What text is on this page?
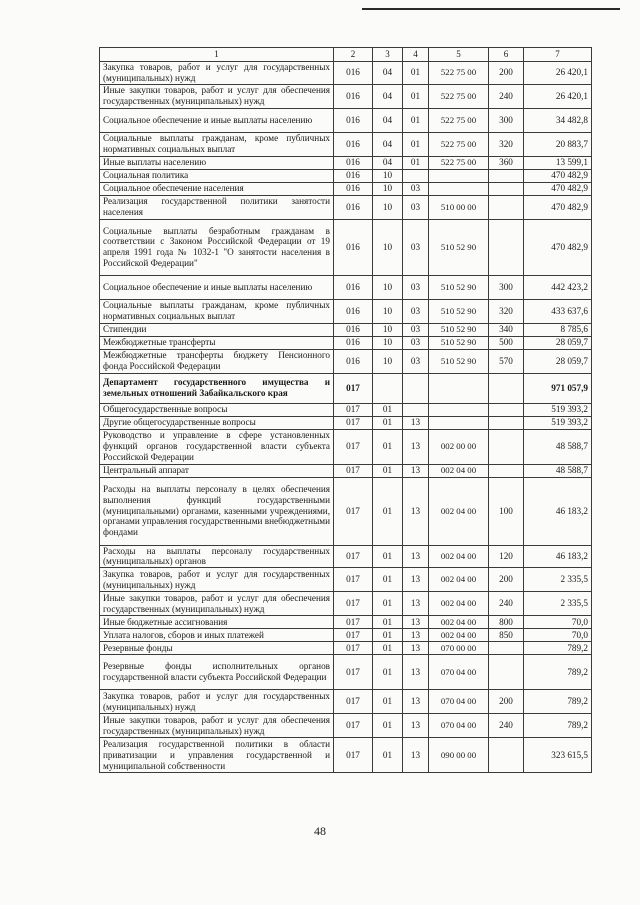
1	2	3	4	5	6	7
Закупка товаров, работ и услуг для государственных (муниципальных) нужд	016	04	01	522 75 00	200	26 420,1
Иные закупки товаров, работ и услуг для обеспечения государственных (муниципальных) нужд	016	04	01	522 75 00	240	26 420,1
Социальное обеспечение и иные выплаты населению	016	04	01	522 75 00	300	34 482,8
Социальные выплаты гражданам, кроме публичных нормативных социальных выплат	016	04	01	522 75 00	320	20 883,7
Иные выплаты населению	016	04	01	522 75 00	360	13 599,1
Социальная политика	016	10				470 482,9
Социальное обеспечение населения	016	10	03			470 482,9
Реализация государственной политики занятости населения	016	10	03	510 00 00		470 482,9
Социальные выплаты безработным гражданам в соответствии с Законом Российской Федерации от 19 апреля 1991 года № 1032-1 "О занятости населения в Российской Федерации"	016	10	03	510 52 90		470 482,9
Социальное обеспечение и иные выплаты населению	016	10	03	510 52 90	300	442 423,2
Социальные выплаты гражданам, кроме публичных нормативных социальных выплат	016	10	03	510 52 90	320	433 637,6
Стипендии	016	10	03	510 52 90	340	8 785,6
Межбюджетные трансферты	016	10	03	510 52 90	500	28 059,7
Межбюджетные трансферты бюджету Пенсионного фонда Российской Федерации	016	10	03	510 52 90	570	28 059,7
Департамент государственного имущества и земельных отношений Забайкальского края	017					971 057,9
Общегосударственные вопросы	017	01				519 393,2
Другие общегосударственные вопросы	017	01	13			519 393,2
Руководство и управление в сфере установленных функций органов государственной власти субъекта Российской Федерации	017	01	13	002 00 00		48 588,7
Центральный аппарат	017	01	13	002 04 00		48 588,7
Расходы на выплаты персоналу в целях обеспечения выполнения функций государственными (муниципальными) органами, казенными учреждениями, органами управления государственными внебюджетными фондами	017	01	13	002 04 00	100	46 183,2
Расходы на выплаты персоналу государственных (муниципальных) органов	017	01	13	002 04 00	120	46 183,2
Закупка товаров, работ и услуг для государственных (муниципальных) нужд	017	01	13	002 04 00	200	2 335,5
Иные закупки товаров, работ и услуг для обеспечения государственных (муниципальных) нужд	017	01	13	002 04 00	240	2 335,5
Иные бюджетные ассигнования	017	01	13	002 04 00	800	70,0
Уплата налогов, сборов и иных платежей	017	01	13	002 04 00	850	70,0
Резервные фонды	017	01	13	070 00 00		789,2
Резервные фонды исполнительных органов государственной власти субъекта Российской Федерации	017	01	13	070 04 00		789,2
Закупка товаров, работ и услуг для государственных (муниципальных) нужд	017	01	13	070 04 00	200	789,2
Иные закупки товаров, работ и услуг для обеспечения государственных (муниципальных) нужд	017	01	13	070 04 00	240	789,2
Реализация государственной политики в области приватизации и управления государственной и муниципальной собственности	017	01	13	090 00 00		323 615,5
48
